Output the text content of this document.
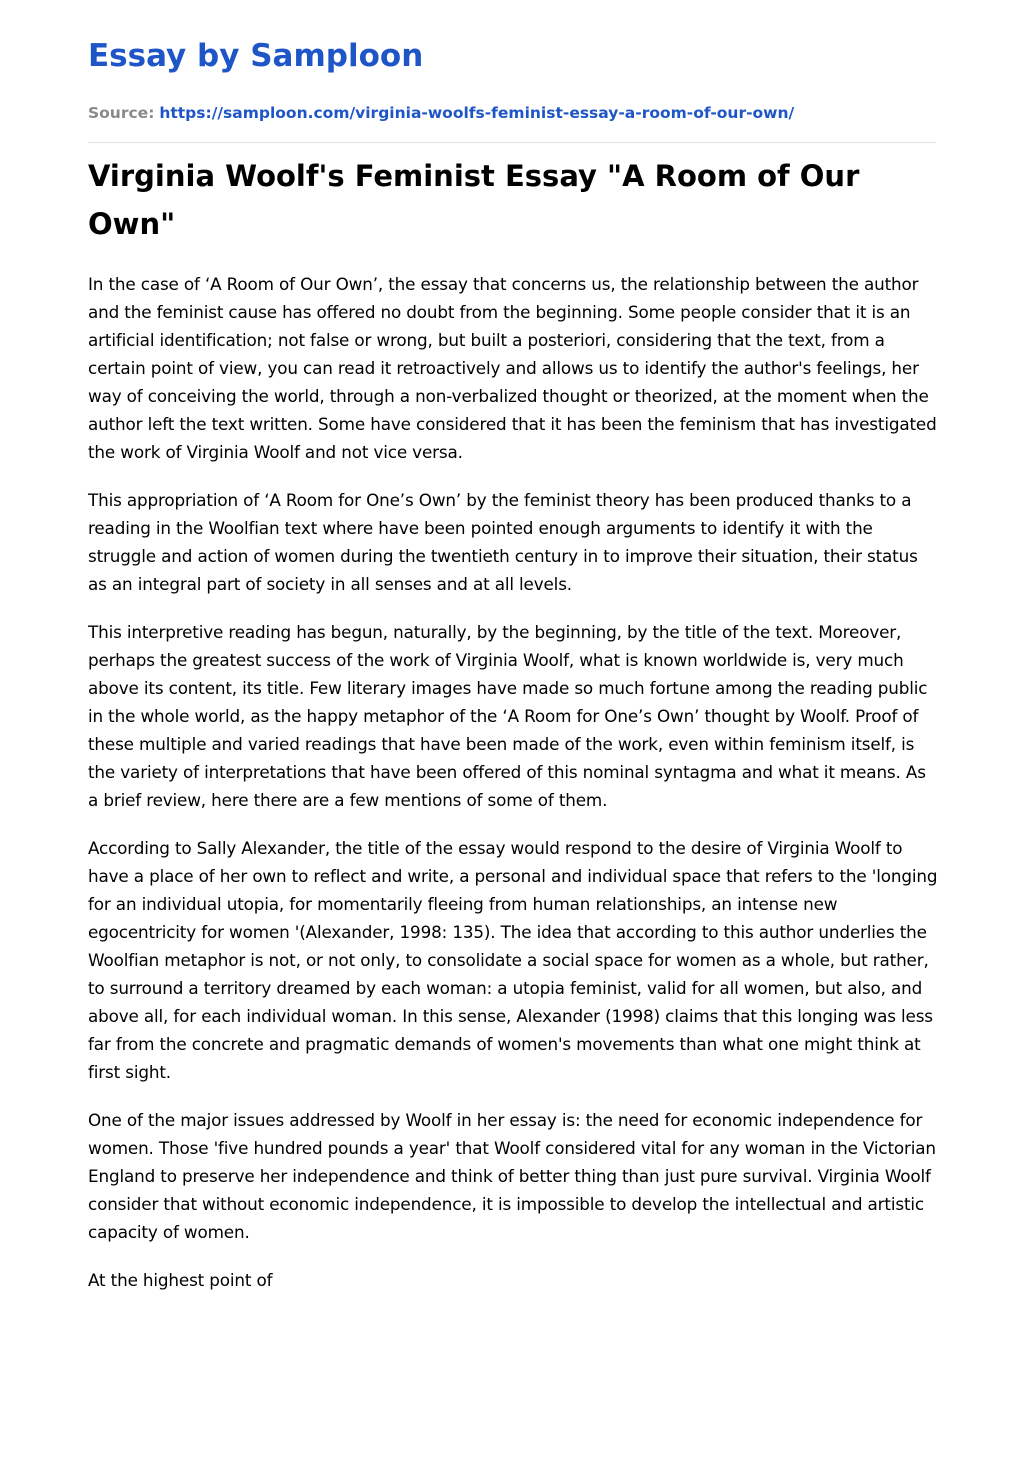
Essay by Samploon
Source: https://samploon.com/virginia-woolfs-feminist-essay-a-room-of-our-own/
Virginia Woolf's Feminist Essay "A Room of Our Own"

In the case of ‘A Room of Our Own’, the essay that concerns us, the relationship between the author and the feminist cause has offered no doubt from the beginning. Some people consider that it is an artificial identification; not false or wrong, but built a posteriori, considering that the text, from a certain point of view, you can read it retroactively and allows us to identify the author's feelings, her way of conceiving the world, through a non-verbalized thought or theorized, at the moment when the author left the text written. Some have considered that it has been the feminism that has investigated the work of Virginia Woolf and not vice versa.

This appropriation of ‘A Room for One’s Own’ by the feminist theory has been produced thanks to a reading in the Woolfian text where have been pointed enough arguments to identify it with the struggle and action of women during the twentieth century in to improve their situation, their status as an integral part of society in all senses and at all levels.

This interpretive reading has begun, naturally, by the beginning, by the title of the text. Moreover, perhaps the greatest success of the work of Virginia Woolf, what is known worldwide is, very much above its content, its title. Few literary images have made so much fortune among the reading public in the whole world, as the happy metaphor of the ‘A Room for One’s Own’ thought by Woolf. Proof of these multiple and varied readings that have been made of the work, even within feminism itself, is the variety of interpretations that have been offered of this nominal syntagma and what it means. As a brief review, here there are a few mentions of some of them.

According to Sally Alexander, the title of the essay would respond to the desire of Virginia Woolf to have a place of her own to reflect and write, a personal and individual space that refers to the 'longing for an individual utopia, for momentarily fleeing from human relationships, an intense new egocentricity for women '(Alexander, 1998: 135). The idea that according to this author underlies the Woolfian metaphor is not, or not only, to consolidate a social space for women as a whole, but rather, to surround a territory dreamed by each woman: a utopia feminist, valid for all women, but also, and above all, for each individual woman. In this sense, Alexander (1998) claims that this longing was less far from the concrete and pragmatic demands of women's movements than what one might think at first sight.

One of the major issues addressed by Woolf in her essay is: the need for economic independence for women. Those 'five hundred pounds a year' that Woolf considered vital for any woman in the Victorian England to preserve her independence and think of better thing than just pure survival. Virginia Woolf consider that without economic independence, it is impossible to develop the intellectual and artistic capacity of women.

At the highest point of
